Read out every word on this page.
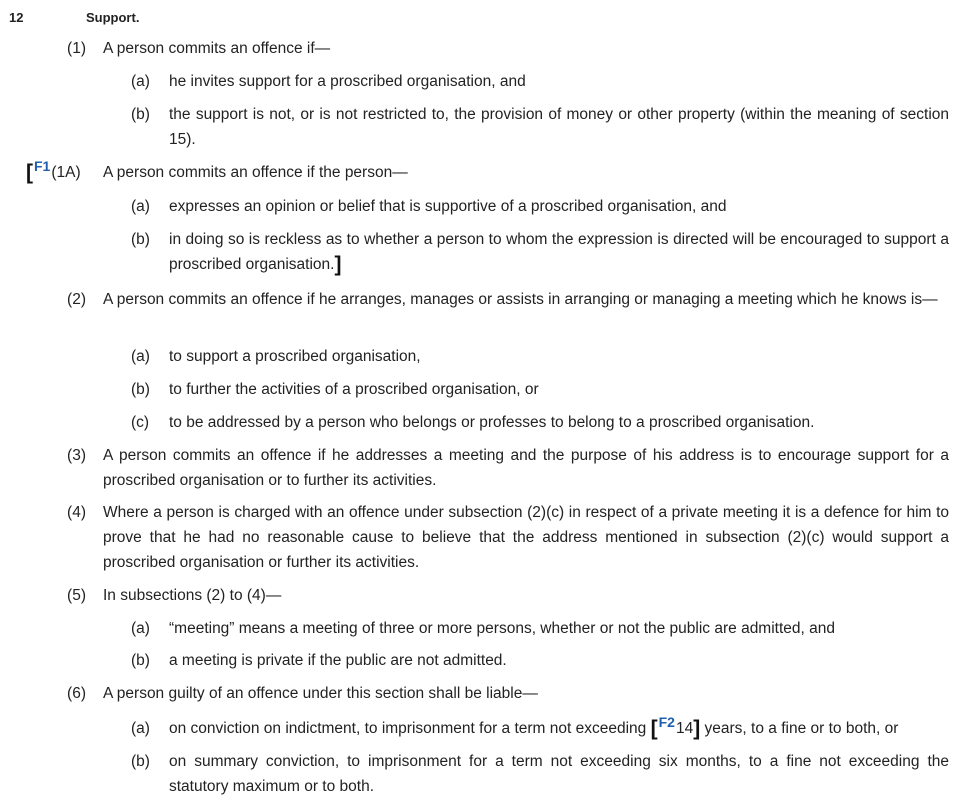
12	Support.
(1) A person commits an offence if—
(a) he invites support for a proscribed organisation, and
(b) the support is not, or is not restricted to, the provision of money or other property (within the meaning of section 15).
[F1(1A) A person commits an offence if the person—
(a) expresses an opinion or belief that is supportive of a proscribed organisation, and
(b) in doing so is reckless as to whether a person to whom the expression is directed will be encouraged to support a proscribed organisation.]
(2) A person commits an offence if he arranges, manages or assists in arranging or managing a meeting which he knows is—
(a) to support a proscribed organisation,
(b) to further the activities of a proscribed organisation, or
(c) to be addressed by a person who belongs or professes to belong to a proscribed organisation.
(3) A person commits an offence if he addresses a meeting and the purpose of his address is to encourage support for a proscribed organisation or to further its activities.
(4) Where a person is charged with an offence under subsection (2)(c) in respect of a private meeting it is a defence for him to prove that he had no reasonable cause to believe that the address mentioned in subsection (2)(c) would support a proscribed organisation or further its activities.
(5) In subsections (2) to (4)—
(a) “meeting” means a meeting of three or more persons, whether or not the public are admitted, and
(b) a meeting is private if the public are not admitted.
(6) A person guilty of an offence under this section shall be liable—
(a) on conviction on indictment, to imprisonment for a term not exceeding [F214] years, to a fine or to both, or
(b) on summary conviction, to imprisonment for a term not exceeding six months, to a fine not exceeding the statutory maximum or to both.
